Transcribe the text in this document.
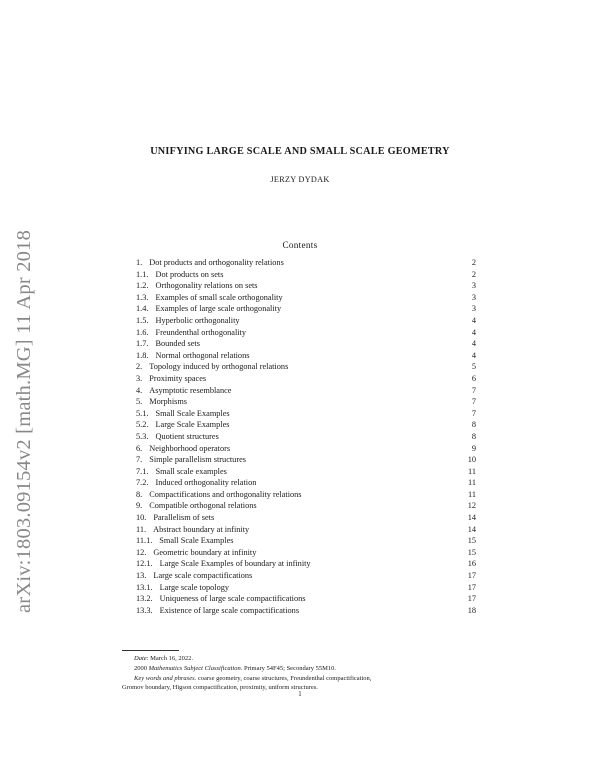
arXiv:1803.09154v2 [math.MG] 11 Apr 2018
UNIFYING LARGE SCALE AND SMALL SCALE GEOMETRY
JERZY DYDAK
Contents
1. Dot products and orthogonality relations	2
1.1. Dot products on sets	2
1.2. Orthogonality relations on sets	3
1.3. Examples of small scale orthogonality	3
1.4. Examples of large scale orthogonality	3
1.5. Hyperbolic orthogonality	4
1.6. Freundenthal orthogonality	4
1.7. Bounded sets	4
1.8. Normal orthogonal relations	4
2. Topology induced by orthogonal relations	5
3. Proximity spaces	6
4. Asymptotic resemblance	7
5. Morphisms	7
5.1. Small Scale Examples	7
5.2. Large Scale Examples	8
5.3. Quotient structures	8
6. Neighborhood operators	9
7. Simple parallelism structures	10
7.1. Small scale examples	11
7.2. Induced orthogonality relation	11
8. Compactifications and orthogonality relations	11
9. Compatible orthogonal relations	12
10. Parallelism of sets	14
11. Abstract boundary at infinity	14
11.1. Small Scale Examples	15
12. Geometric boundary at infinity	15
12.1. Large Scale Examples of boundary at infinity	16
13. Large scale compactifications	17
13.1. Large scale topology	17
13.2. Uniqueness of large scale compactifications	17
13.3. Existence of large scale compactifications	18
Date: March 16, 2022.
2000 Mathematics Subject Classification. Primary 54F45; Secondary 55M10.
Key words and phrases. coarse geometry, coarse structures, Freundenthal compactification,
Gromov boundary, Higson compactification, proximity, uniform structures.
1
